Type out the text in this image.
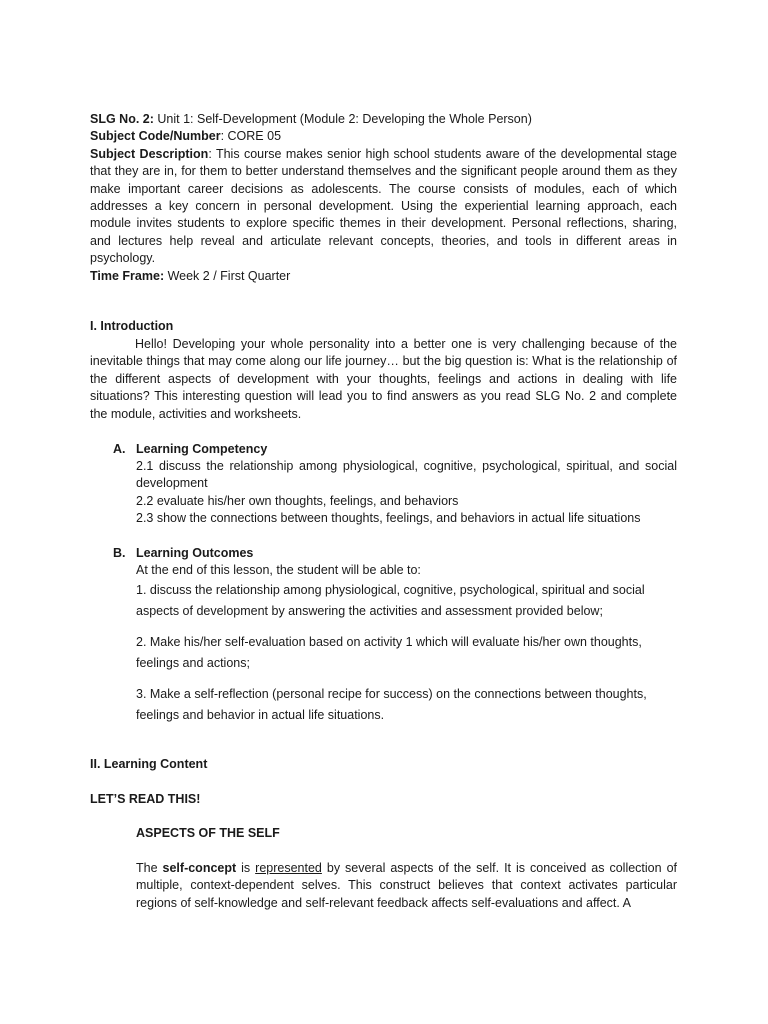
SLG No. 2: Unit 1: Self-Development (Module 2: Developing the Whole Person)
Subject Code/Number: CORE 05
Subject Description: This course makes senior high school students aware of the developmental stage that they are in, for them to better understand themselves and the significant people around them as they make important career decisions as adolescents. The course consists of modules, each of which addresses a key concern in personal development. Using the experiential learning approach, each module invites students to explore specific themes in their development. Personal reflections, sharing, and lectures help reveal and articulate relevant concepts, theories, and tools in different areas in psychology.
Time Frame: Week 2 / First Quarter
I. Introduction
Hello! Developing your whole personality into a better one is very challenging because of the inevitable things that may come along our life journey… but the big question is: What is the relationship of the different aspects of development with your thoughts, feelings and actions in dealing with life situations? This interesting question will lead you to find answers as you read SLG No. 2 and complete the module, activities and worksheets.
A. Learning Competency
2.1 discuss the relationship among physiological, cognitive, psychological, spiritual, and social development
2.2 evaluate his/her own thoughts, feelings, and behaviors
2.3 show the connections between thoughts, feelings, and behaviors in actual life situations
B. Learning Outcomes
At the end of this lesson, the student will be able to:
1. discuss the relationship among physiological, cognitive, psychological, spiritual and social aspects of development by answering the activities and assessment provided below;
2. Make his/her self-evaluation based on activity 1 which will evaluate his/her own thoughts, feelings and actions;
3. Make a self-reflection (personal recipe for success) on the connections between thoughts, feelings and behavior in actual life situations.
II. Learning Content
LET’S READ THIS!
ASPECTS OF THE SELF
The self-concept is represented by several aspects of the self. It is conceived as collection of multiple, context-dependent selves. This construct believes that context activates particular regions of self-knowledge and self-relevant feedback affects self-evaluations and affect. A
